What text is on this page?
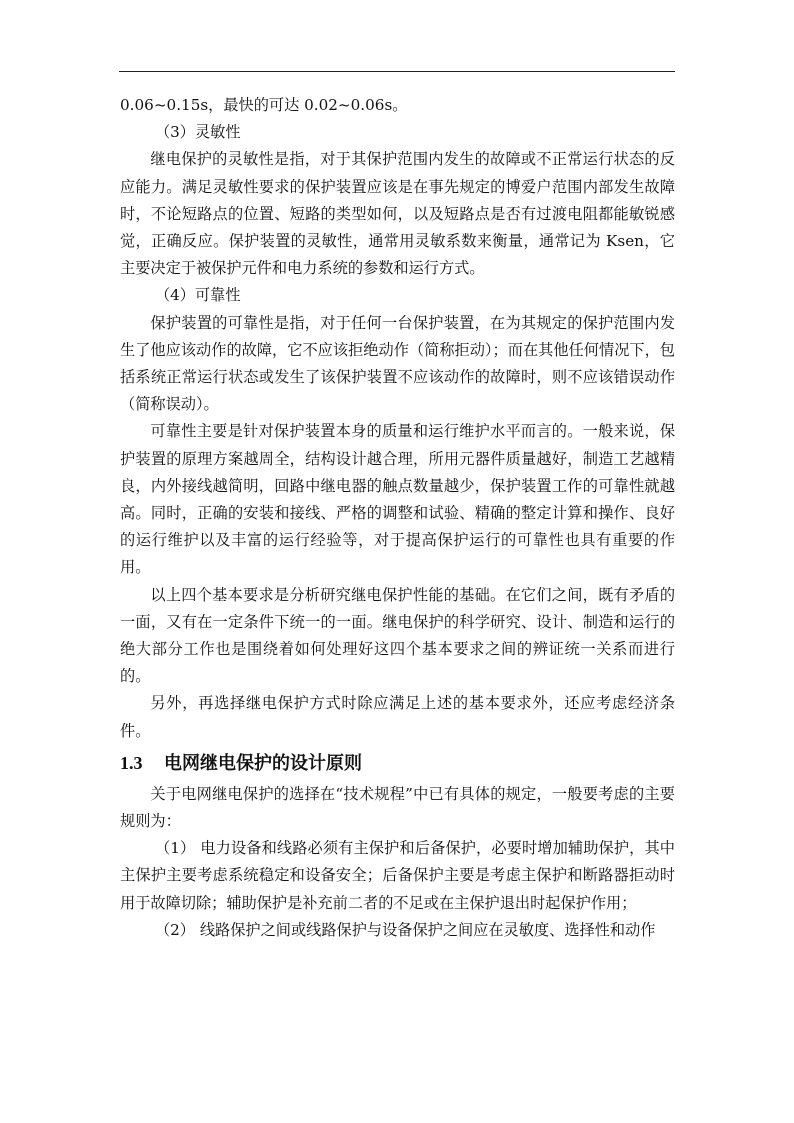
0.06~0.15s，最快的可达 0.02~0.06s。

（3）灵敏性

继电保护的灵敏性是指，对于其保护范围内发生的故障或不正常运行状态的反应能力。满足灵敏性要求的保护装置应该是在事先规定的博爱户范围内部发生故障时，不论短路点的位置、短路的类型如何，以及短路点是否有过渡电阻都能敏锐感觉，正确反应。保护装置的灵敏性，通常用灵敏系数来衡量，通常记为 Ksen，它主要决定于被保护元件和电力系统的参数和运行方式。

（4）可靠性

保护装置的可靠性是指，对于任何一台保护装置，在为其规定的保护范围内发生了他应该动作的故障，它不应该拒绝动作（简称拒动）；而在其他任何情况下，包括系统正常运行状态或发生了该保护装置不应该动作的故障时，则不应该错误动作（简称误动）。

可靠性主要是针对保护装置本身的质量和运行维护水平而言的。一般来说，保护装置的原理方案越周全，结构设计越合理，所用元器件质量越好，制造工艺越精良，内外接线越简明，回路中继电器的触点数量越少，保护装置工作的可靠性就越高。同时，正确的安装和接线、严格的调整和试验、精确的整定计算和操作、良好的运行维护以及丰富的运行经验等，对于提高保护运行的可靠性也具有重要的作用。

以上四个基本要求是分析研究继电保护性能的基础。在它们之间，既有矛盾的一面，又有在一定条件下统一的一面。继电保护的科学研究、设计、制造和运行的绝大部分工作也是围绕着如何处理好这四个基本要求之间的辨证统一关系而进行的。

另外，再选择继电保护方式时除应满足上述的基本要求外，还应考虑经济条件。

1.3 电网继电保护的设计原则

关于电网继电保护的选择在“技术规程”中已有具体的规定，一般要考虑的主要规则为：

（1） 电力设备和线路必须有主保护和后备保护，必要时增加辅助保护，其中主保护主要考虑系统稳定和设备安全；后备保护主要是考虑主保护和断路器拒动时用于故障切除；辅助保护是补充前二者的不足或在主保护退出时起保护作用；

（2） 线路保护之间或线路保护与设备保护之间应在灵敏度、选择性和动作
